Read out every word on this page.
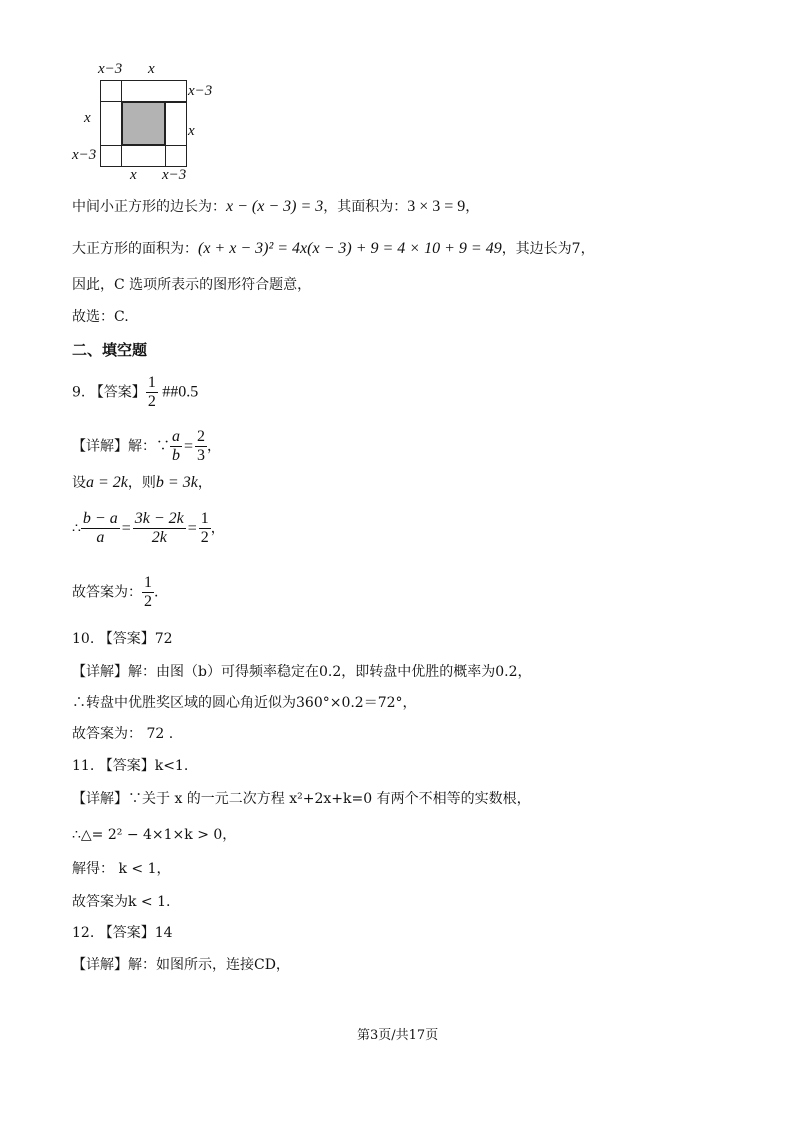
x−3 x
x−3
x
x
x−3
x x−3
中间小正方形的边长为：x − (x − 3) = 3，其面积为：3 × 3 = 9，
大正方形的面积为：(x + x − 3)² = 4x(x − 3) + 9 = 4 × 10 + 9 = 49，其边长为7，
因此，C 选项所表示的图形符合题意，
故选：C.
二、填空题
9. 【答案】 $\frac{1}{2}$ ##0.5
【详解】解：∵ $\frac{a}{b} = \frac{2}{3}$ ，
设a = 2k，则b = 3k，
∴ $\frac{b - a}{a} = \frac{3k - 2k}{2k} = \frac{1}{2}$ ，
故答案为： $\frac{1}{2}$ .
10. 【答案】72
【详解】解：由图（b）可得频率稳定在0.2，即转盘中优胜的概率为0.2，
∴转盘中优胜奖区域的圆心角近似为360°×0.2＝72°，
故答案为： 72 .
11. 【答案】k<1.
【详解】∵关于 x 的一元二次方程 x²+2x+k=0 有两个不相等的实数根，
∴△= 2² − 4×1×k > 0，
解得： k < 1，
故答案为k < 1.
12. 【答案】14
【详解】解：如图所示，连接CD，
第3页/共17页
